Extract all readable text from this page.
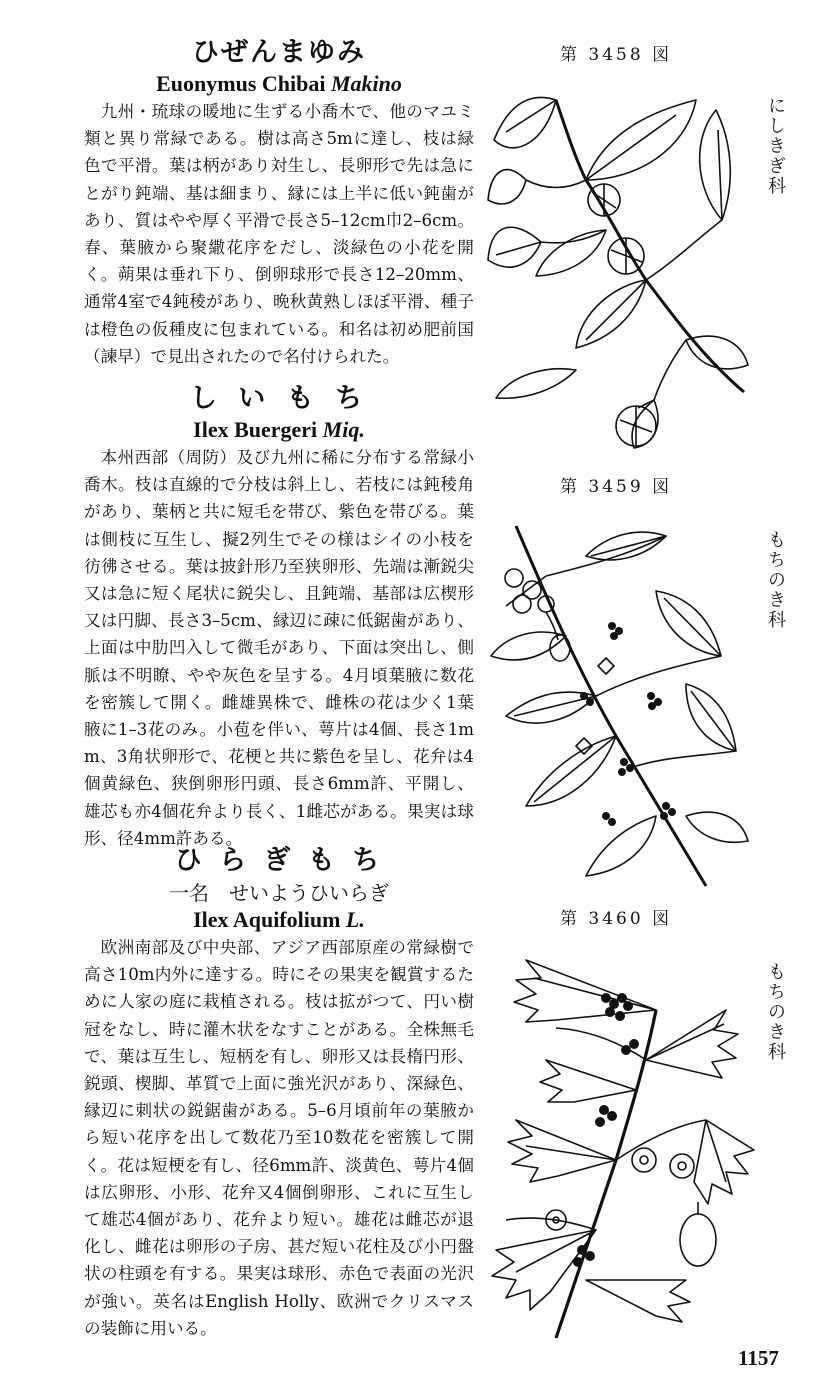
ひぜんまゆみ

Euonymus Chibai Makino

九州・琉球の暖地に生ずる小喬木で、他のマユミ類と異り常緑である。樹は高さ5mに達し、枝は緑色で平滑。葉は柄があり対生し、長卵形で先は急にとがり鈍端、基は細まり、縁には上半に低い鈍歯があり、質はやや厚く平滑で長さ5–12cm巾2–6cm。春、葉腋から聚繖花序をだし、淡緑色の小花を開く。蒴果は垂れ下り、倒卵球形で長さ12–20mm、通常4室で4鈍稜があり、晩秋黄熟しほぼ平滑、種子は橙色の仮種皮に包まれている。和名は初め肥前国（諫早）で見出されたので名付けられた。

し い も ち

Ilex Buergeri Miq.

本州西部（周防）及び九州に稀に分布する常緑小喬木。枝は直線的で分枝は斜上し、若枝には鈍稜角があり、葉柄と共に短毛を帯び、紫色を帯びる。葉は側枝に互生し、擬2列生でその様はシイの小枝を彷彿させる。葉は披針形乃至狭卵形、先端は漸鋭尖又は急に短く尾状に鋭尖し、且鈍端、基部は広楔形又は円脚、長さ3–5cm、縁辺に疎に低鋸歯があり、上面は中肋凹入して微毛があり、下面は突出し、側脈は不明瞭、やや灰色を呈する。4月頃葉腋に数花を密簇して開く。雌雄異株で、雌株の花は少く1葉腋に1–3花のみ。小苞を伴い、萼片は4個、長さ1mm、3角状卵形で、花梗と共に紫色を呈し、花弁は4個黄緑色、狭倒卵形円頭、長さ6mm許、平開し、雄芯も亦4個花弁より長く、1雌芯がある。果実は球形、径4mm許ある。

ひ ら ぎ も ち

一名　せいようひいらぎ

Ilex Aquifolium L.

欧洲南部及び中央部、アジア西部原産の常緑樹で高さ10m内外に達する。時にその果実を観賞するために人家の庭に栽植される。枝は拡がつて、円い樹冠をなし、時に灌木状をなすことがある。全株無毛で、葉は互生し、短柄を有し、卵形又は長楕円形、鋭頭、楔脚、革質で上面に強光沢があり、深緑色、縁辺に刺状の鋭鋸歯がある。5–6月頃前年の葉腋から短い花序を出して数花乃至10数花を密簇して開く。花は短梗を有し、径6mm許、淡黄色、萼片4個は広卵形、小形、花弁又4個倒卵形、これに互生して雄芯4個があり、花弁より短い。雄花は雌芯が退化し、雌花は卵形の子房、甚だ短い花柱及び小円盤状の柱頭を有する。果実は球形、赤色で表面の光沢が強い。英名はEnglish Holly、欧洲でクリスマスの装飾に用いる。

第 3458 図
第 3459 図
第 3460 図
にしきぎ科
もちのき科
もちのき科
1157
